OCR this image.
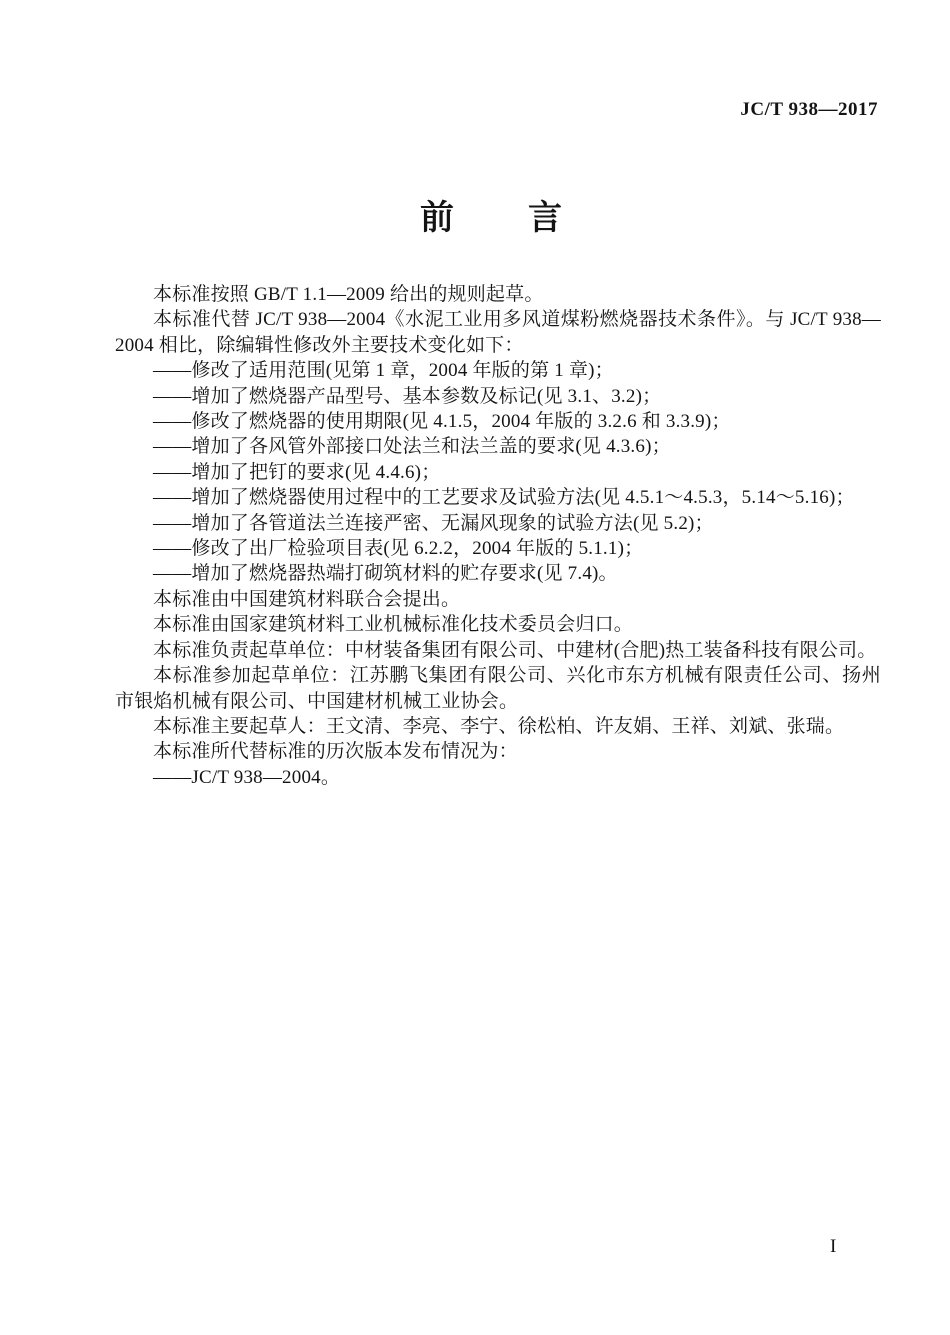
JC/T 938—2017
前　　言

本标准按照 GB/T 1.1—2009 给出的规则起草。

本标准代替 JC/T 938—2004《水泥工业用多风道煤粉燃烧器技术条件》。与 JC/T 938—2004 相比，除编辑性修改外主要技术变化如下：

——修改了适用范围(见第 1 章，2004 年版的第 1 章)；

——增加了燃烧器产品型号、基本参数及标记(见 3.1、3.2)；

——修改了燃烧器的使用期限(见 4.1.5，2004 年版的 3.2.6 和 3.3.9)；

——增加了各风管外部接口处法兰和法兰盖的要求(见 4.3.6)；

——增加了把钉的要求(见 4.4.6)；

——增加了燃烧器使用过程中的工艺要求及试验方法(见 4.5.1～4.5.3，5.14～5.16)；

——增加了各管道法兰连接严密、无漏风现象的试验方法(见 5.2)；

——修改了出厂检验项目表(见 6.2.2，2004 年版的 5.1.1)；

——增加了燃烧器热端打砌筑材料的贮存要求(见 7.4)。

本标准由中国建筑材料联合会提出。

本标准由国家建筑材料工业机械标准化技术委员会归口。

本标准负责起草单位：中材装备集团有限公司、中建材(合肥)热工装备科技有限公司。

本标准参加起草单位：江苏鹏飞集团有限公司、兴化市东方机械有限责任公司、扬州市银焰机械有限公司、中国建材机械工业协会。

本标准主要起草人：王文清、李亮、李宁、徐松柏、许友娟、王祥、刘斌、张瑞。

本标准所代替标准的历次版本发布情况为：

——JC/T 938—2004。

I
